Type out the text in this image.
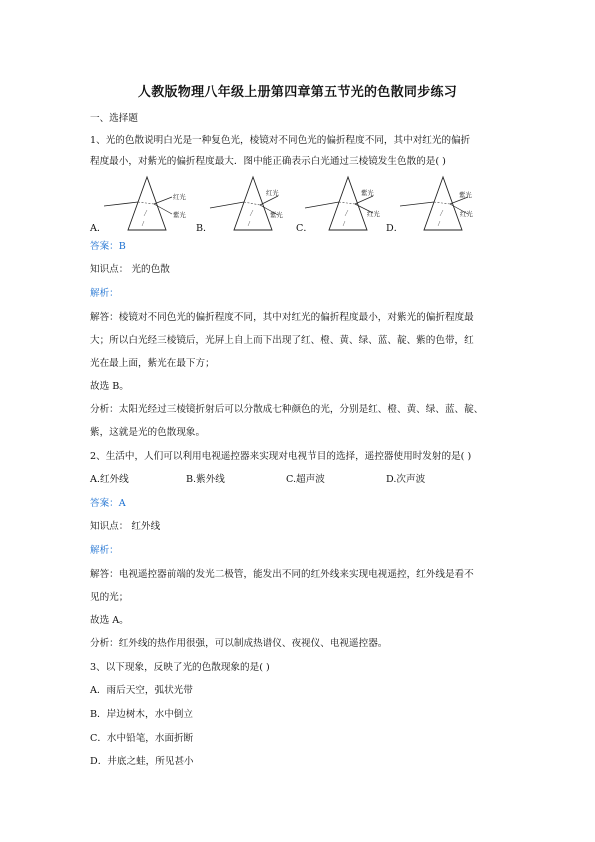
人教版物理八年级上册第四章第五节光的色散同步练习
一、选择题
1、光的色散说明白光是一种复色光，棱镜对不同色光的偏折程度不同，其中对红光的偏折
程度最小，对紫光的偏折程度最大．图中能正确表示白光通过三棱镜发生色散的是( )
红光
紫光
红光
紫光
紫光
红光
紫光
红光
A．	B．	C．	D．
答案：B
知识点： 光的色散
解析：
解答：棱镜对不同色光的偏折程度不同，其中对红光的偏折程度最小，对紫光的偏折程度最
大；所以白光经三棱镜后，光屏上自上而下出现了红、橙、黄、绿、蓝、靛、紫的色带，红
光在最上面，紫光在最下方；
故选 B。
分析：太阳光经过三棱镜折射后可以分散成七种颜色的光，分别是红、橙、黄、绿、蓝、靛、
紫，这就是光的色散现象。
2、生活中，人们可以利用电视遥控器来实现对电视节目的选择，遥控器使用时发射的是( )
A.红外线	B.紫外线	C.超声波	D.次声波
答案：A
知识点： 红外线
解析：
解答：电视遥控器前端的发光二极管，能发出不同的红外线来实现电视遥控，红外线是看不
见的光；
故选 A。
分析：红外线的热作用很强，可以制成热谱仪、夜视仪、电视遥控器。
3、以下现象，反映了光的色散现象的是( )
A．雨后天空，弧状光带
B．岸边树木，水中倒立
C．水中铅笔，水面折断
D．井底之蛙，所见甚小
